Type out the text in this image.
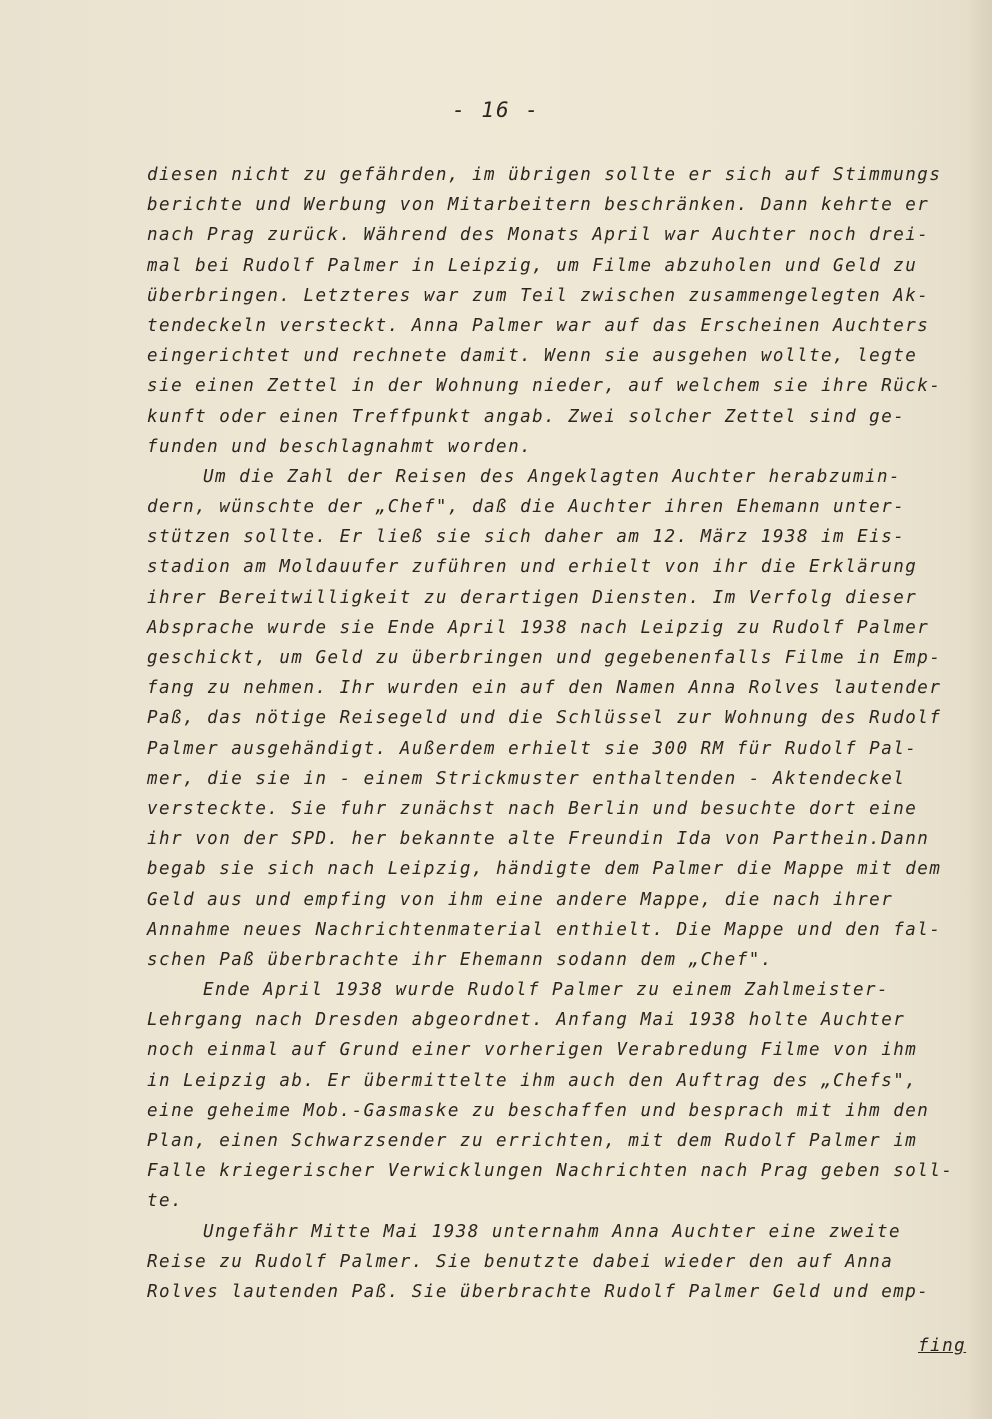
- 16 -
diesen nicht zu gefährden, im übrigen sollte er sich auf Stimmungs
berichte und Werbung von Mitarbeitern beschränken. Dann kehrte er
nach Prag zurück. Während des Monats April war Auchter noch drei-
mal bei Rudolf Palmer in Leipzig, um Filme abzuholen und Geld zu
überbringen. Letzteres war zum Teil zwischen zusammengelegten Ak-
tendeckeln versteckt. Anna Palmer war auf das Erscheinen Auchters
eingerichtet und rechnete damit. Wenn sie ausgehen wollte, legte
sie einen Zettel in der Wohnung nieder, auf welchem sie ihre Rück-
kunft oder einen Treffpunkt angab. Zwei solcher Zettel sind ge-
funden und beschlagnahmt worden.
Um die Zahl der Reisen des Angeklagten Auchter herabzumin-
dern, wünschte der „Chef", daß die Auchter ihren Ehemann unter-
stützen sollte. Er ließ sie sich daher am 12. März 1938 im Eis-
stadion am Moldauufer zuführen und erhielt von ihr die Erklärung
ihrer Bereitwilligkeit zu derartigen Diensten. Im Verfolg dieser
Absprache wurde sie Ende April 1938 nach Leipzig zu Rudolf Palmer
geschickt, um Geld zu überbringen und gegebenenfalls Filme in Emp-
fang zu nehmen. Ihr wurden ein auf den Namen Anna Rolves lautender
Paß, das nötige Reisegeld und die Schlüssel zur Wohnung des Rudolf
Palmer ausgehändigt. Außerdem erhielt sie 300 RM für Rudolf Pal-
mer, die sie in - einem Strickmuster enthaltenden - Aktendeckel
versteckte. Sie fuhr zunächst nach Berlin und besuchte dort eine
ihr von der SPD. her bekannte alte Freundin Ida von Parthein.Dann
begab sie sich nach Leipzig, händigte dem Palmer die Mappe mit dem
Geld aus und empfing von ihm eine andere Mappe, die nach ihrer
Annahme neues Nachrichtenmaterial enthielt. Die Mappe und den fal-
schen Paß überbrachte ihr Ehemann sodann dem „Chef".
Ende April 1938 wurde Rudolf Palmer zu einem Zahlmeister-
Lehrgang nach Dresden abgeordnet. Anfang Mai 1938 holte Auchter
noch einmal auf Grund einer vorherigen Verabredung Filme von ihm
in Leipzig ab. Er übermittelte ihm auch den Auftrag des „Chefs",
eine geheime Mob.-Gasmaske zu beschaffen und besprach mit ihm den
Plan, einen Schwarzsender zu errichten, mit dem Rudolf Palmer im
Falle kriegerischer Verwicklungen Nachrichten nach Prag geben soll-
te.
Ungefähr Mitte Mai 1938 unternahm Anna Auchter eine zweite
Reise zu Rudolf Palmer. Sie benutzte dabei wieder den auf Anna
Rolves lautenden Paß. Sie überbrachte Rudolf Palmer Geld und emp-
fing
